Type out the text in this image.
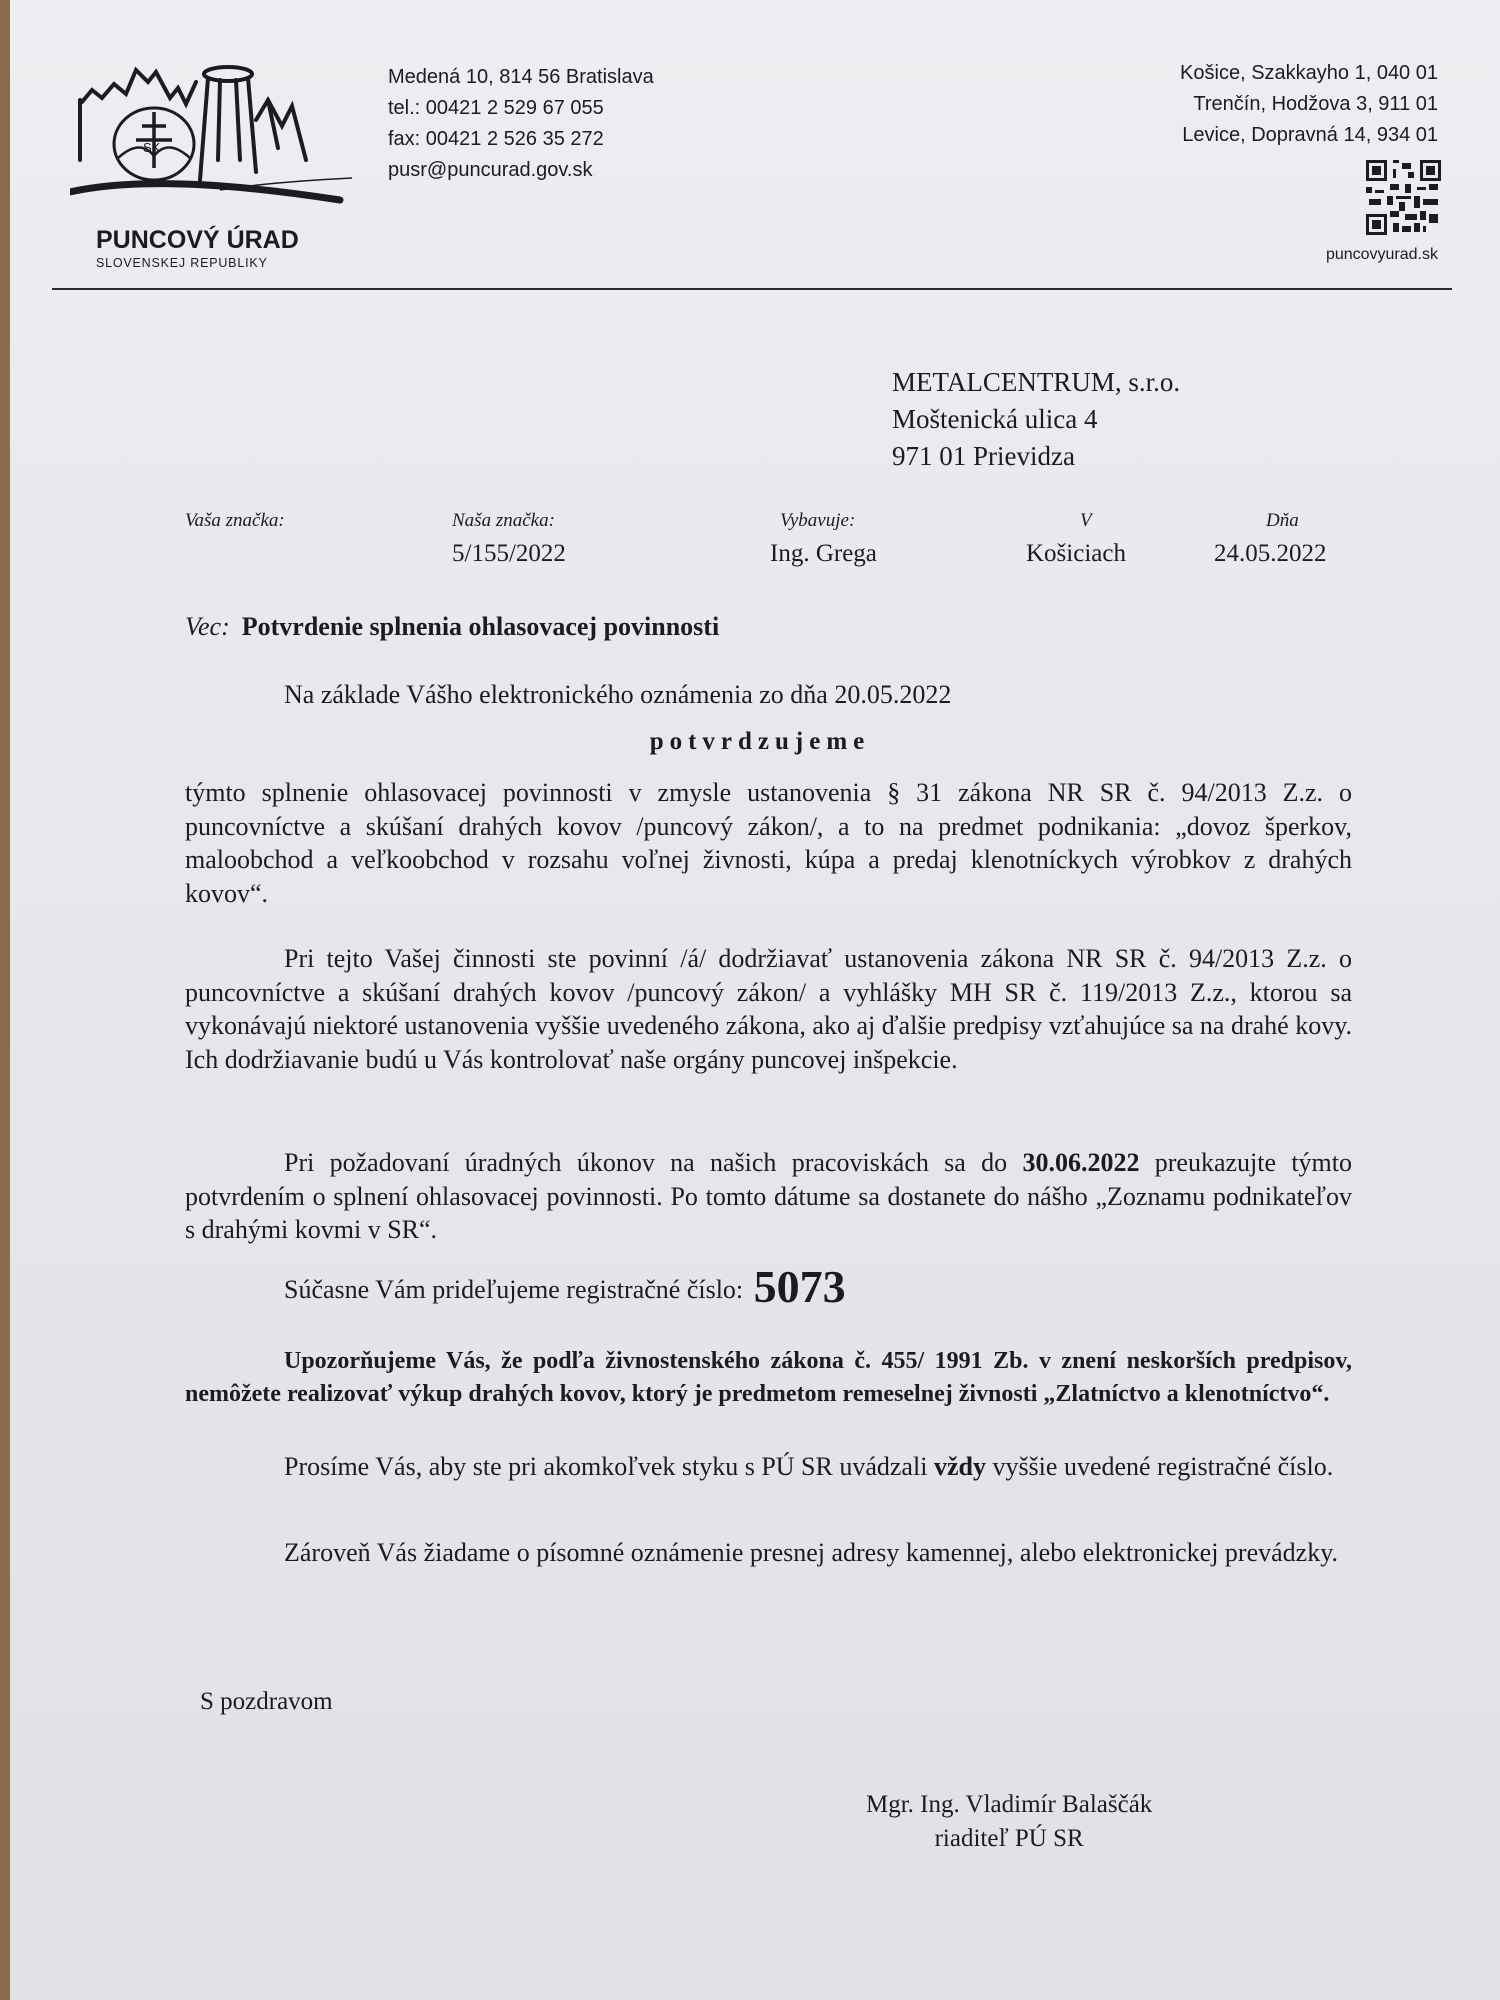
SK
PUNCOVÝ ÚRAD
SLOVENSKEJ REPUBLIKY
Medená 10, 814 56 Bratislava
tel.: 00421 2 529 67 055
fax: 00421 2 526 35 272
pusr@puncurad.gov.sk
Košice, Szakkayho 1, 040 01
Trenčín, Hodžova 3, 911 01
Levice, Dopravná 14, 934 01
puncovyurad.sk
METALCENTRUM, s.r.o.
Moštenická ulica 4
971 01 Prievidza
Vaša značka:	Naša značka:
5/155/2022
Vybavuje:
Ing. Grega
V
Košiciach
Dňa
24.05.2022
Vec: Potvrdenie splnenia ohlasovacej povinnosti
Na základe Vášho elektronického oznámenia zo dňa 20.05.2022
potvrdzujeme
týmto splnenie ohlasovacej povinnosti v zmysle ustanovenia § 31 zákona NR SR č. 94/2013 Z.z. o puncovníctve a skúšaní drahých kovov /puncový zákon/, a to na predmet podnikania: „dovoz šperkov, maloobchod a veľkoobchod v rozsahu voľnej živnosti, kúpa a predaj klenotníckych výrobkov z drahých kovov“.
Pri tejto Vašej činnosti ste povinní /á/ dodržiavať ustanovenia zákona NR SR č. 94/2013 Z.z. o puncovníctve a skúšaní drahých kovov /puncový zákon/ a vyhlášky MH SR č. 119/2013 Z.z., ktorou sa vykonávajú niektoré ustanovenia vyššie uvedeného zákona, ako aj ďalšie predpisy vzťahujúce sa na drahé kovy. Ich dodržiavanie budú u Vás kontrolovať naše orgány puncovej inšpekcie.
Pri požadovaní úradných úkonov na našich pracoviskách sa do 30.06.2022 preukazujte týmto potvrdením o splnení ohlasovacej povinnosti. Po tomto dátume sa dostanete do nášho „Zoznamu podnikateľov s drahými kovmi v SR“.
Súčasne Vám prideľujeme registračné číslo: 5073
Upozorňujeme Vás, že podľa živnostenského zákona č. 455/ 1991 Zb. v znení neskorších predpisov, nemôžete realizovať výkup drahých kovov, ktorý je predmetom remeselnej živnosti „Zlatníctvo a klenotníctvo“.
Prosíme Vás, aby ste pri akomkoľvek styku s PÚ SR uvádzali vždy vyššie uvedené registračné číslo.
Zároveň Vás žiadame o písomné oznámenie presnej adresy kamennej, alebo elektronickej prevádzky.
S pozdravom
Mgr. Ing. Vladimír Balaščák
riaditeľ PÚ SR
